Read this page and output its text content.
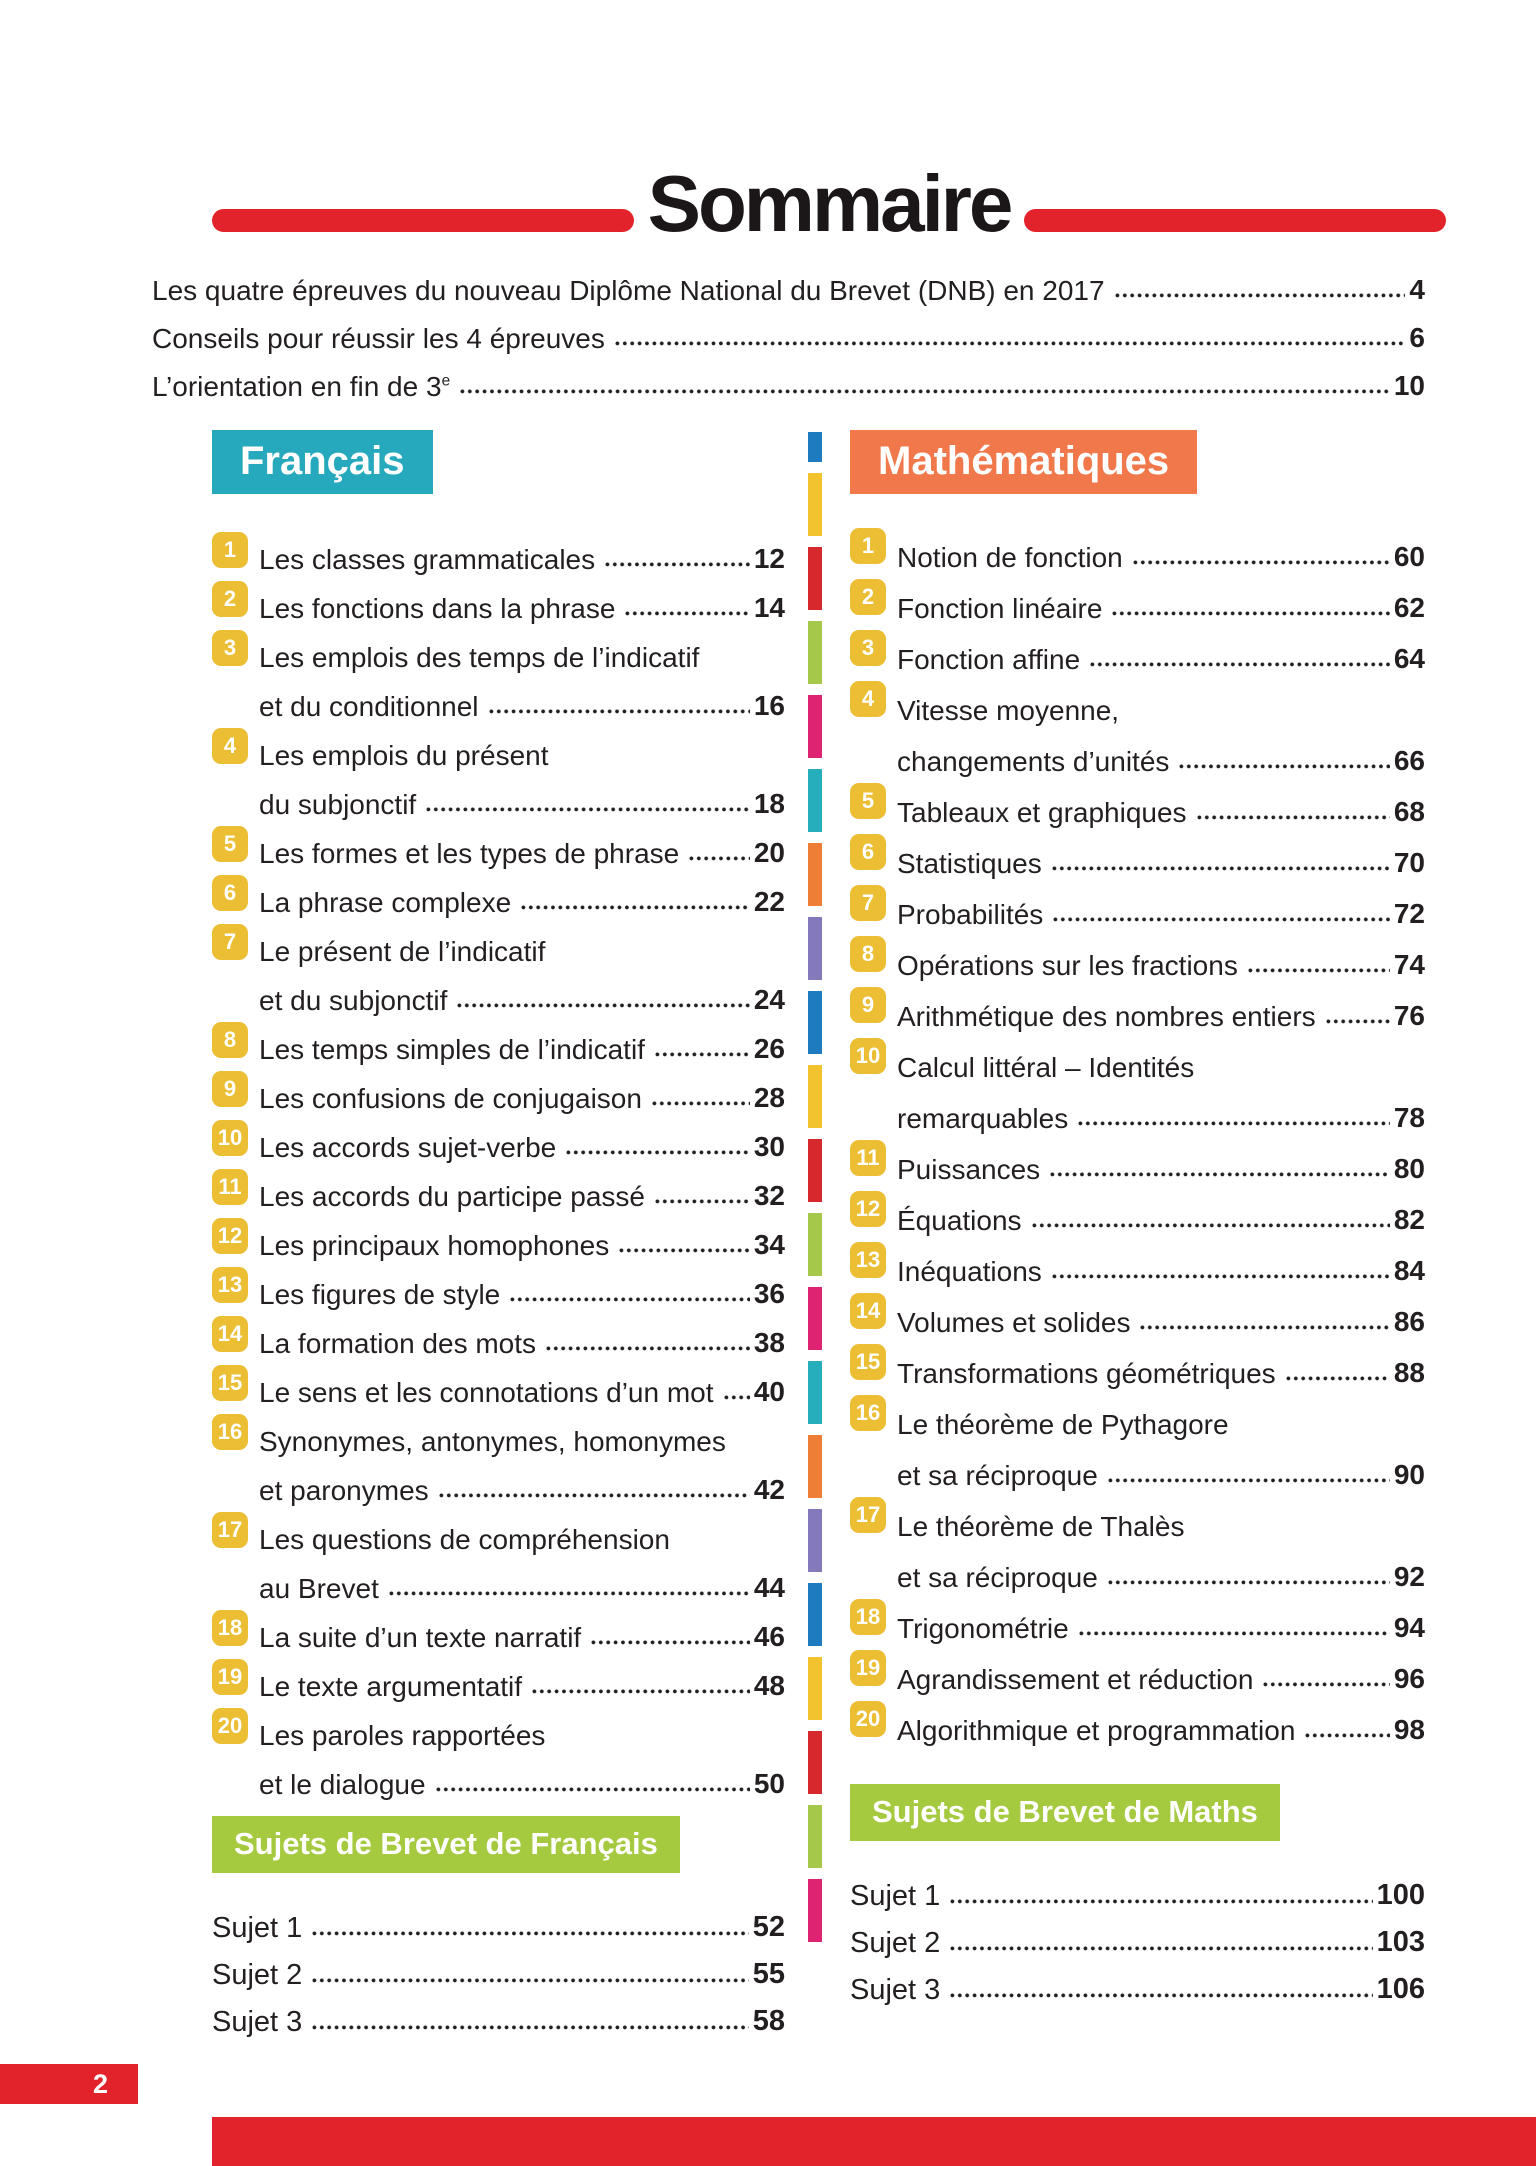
Sommaire
Les quatre épreuves du nouveau Diplôme National du Brevet (DNB) en 2017	4
Conseils pour réussir les 4 épreuves	6
L’orientation en fin de 3e	10
Français
1 Les classes grammaticales	12
2 Les fonctions dans la phrase	14
3 Les emplois des temps de l’indicatif
et du conditionnel	16
4 Les emplois du présent
du subjonctif	18
5 Les formes et les types de phrase	20
6 La phrase complexe	22
7 Le présent de l’indicatif
et du subjonctif	24
8 Les temps simples de l’indicatif	26
9 Les confusions de conjugaison	28
10 Les accords sujet-verbe	30
11 Les accords du participe passé	32
12 Les principaux homophones	34
13 Les figures de style	36
14 La formation des mots	38
15 Le sens et les connotations d’un mot 40
16 Synonymes, antonymes, homonymes
et paronymes	42
17 Les questions de compréhension
au Brevet	44
18 La suite d’un texte narratif	46
19 Le texte argumentatif	48
20 Les paroles rapportées
et le dialogue	50
Sujets de Brevet de Français
Sujet 1	52
Sujet 2	55
Sujet 3	58
Mathématiques
1 Notion de fonction	60
2 Fonction linéaire	62
3 Fonction affine	64
4 Vitesse moyenne,
changements d’unités	66
5 Tableaux et graphiques	68
6 Statistiques	70
7 Probabilités	72
8 Opérations sur les fractions	74
9 Arithmétique des nombres entiers	76
10 Calcul littéral – Identités
remarquables	78
11 Puissances	80
12 Équations	82
13 Inéquations	84
14 Volumes et solides	86
15 Transformations géométriques	88
16 Le théorème de Pythagore
et sa réciproque	90
17 Le théorème de Thalès
et sa réciproque	92
18 Trigonométrie	94
19 Agrandissement et réduction	96
20 Algorithmique et programmation	98
Sujets de Brevet de Maths
Sujet 1	100
Sujet 2	103
Sujet 3	106
2
